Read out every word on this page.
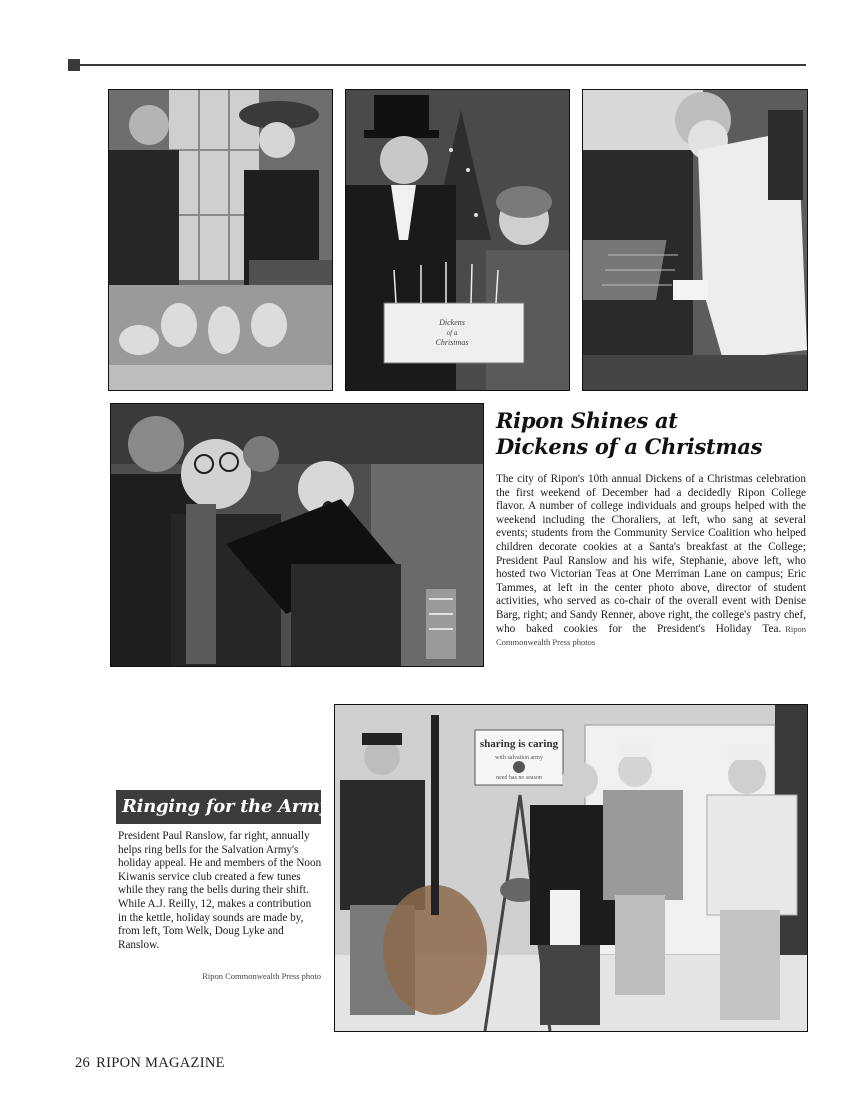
Dickens
of a
Christmas
Ripon Shines at
Dickens of a Christmas
The city of Ripon's 10th annual Dickens of a Christmas celebration the first weekend of December had a decidedly Ripon College flavor. A number of college individuals and groups helped with the weekend including the Choraliers, at left, who sang at several events; students from the Community Service Coalition who helped children decorate cookies at a Santa's breakfast at the College; President Paul Ranslow and his wife, Stephanie, above left, who hosted two Victorian Teas at One Merriman Lane on campus; Eric Tammes, at left in the center photo above, director of student activities, who served as co-chair of the overall event with Denise Barg, right; and Sandy Renner, above right, the college's pastry chef, who baked cookies for the President's Holiday Tea. Ripon Commonwealth Press photos
Ringing for the Army
President Paul Ranslow, far right, annually helps ring bells for the Salvation Army's holiday appeal. He and members of the Noon Kiwanis service club created a few tunes while they rang the bells during their shift. While A.J. Reilly, 12, makes a contribution in the kettle, holiday sounds are made by, from left, Tom Welk, Doug Lyke and Ranslow.
Ripon Commonwealth Press photo
sharing is caring
with salvation army
need has no season
26 RIPON MAGAZINE
